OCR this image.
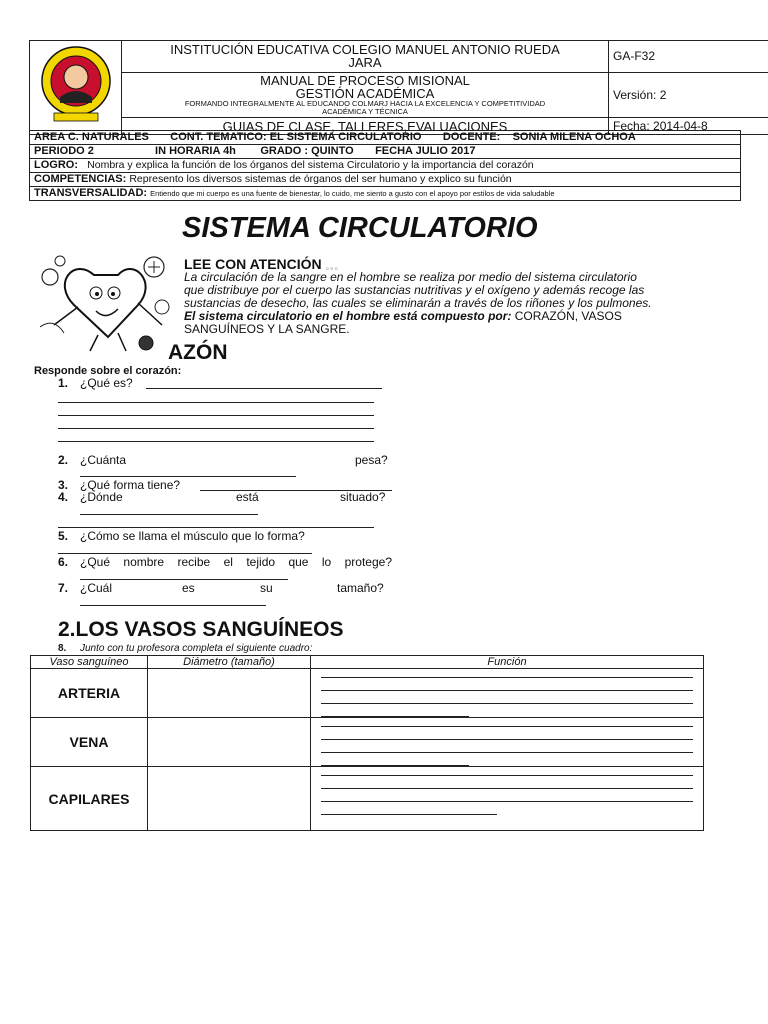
INSTITUCIÓN EDUCATIVA COLEGIO MANUEL ANTONIO RUEDA
JARA	GA-F32

	MANUAL DE PROCESO MISIONAL
GESTIÓN ACADÉMICA
FORMANDO INTEGRALMENTE AL EDUCANDO COLMARJ HACIA LA EXCELENCIA Y COMPETITIVIDAD
ACADÉMICA Y TÉCNICA	Versión: 2
	GUIAS DE CLASE, TALLERES,EVALUACIONES	Fecha: 2014-04-8
AREA C. NATURALES CONT. TEMATICO: EL SISTEMA CIRCULATORIO DOCENTE: SONIA MILENA OCHOA
PERIODO 2	IN HORARIA 4h GRADO : QUINTO FECHA JULIO 2017
LOGRO: Nombra y explica la función de los órganos del sistema Circulatorio y la importancia del corazón
COMPETENCIAS: Represento los diversos sistemas de órganos del ser humano y explico su función
TRANSVERSALIDAD: Entiendo que mi cuerpo es una fuente de bienestar, lo cuido, me siento a gusto con el apoyo por estilos de vida saludable
SISTEMA CIRCULATORIO
LEE CON ATENCIÓN 。。。
La circulación de la sangre en el hombre se realiza por medio del sistema circulatorio
que distribuye por el cuerpo las sustancias nutritivas y el oxígeno y además recoge las
sustancias de desecho, las cuales se eliminarán a través de los riñones y los pulmones.
El sistema circulatorio en el hombre está compuesto por: CORAZÓN, VASOS
SANGUÍNEOS Y LA SANGRE.
AZÓN
Responde sobre el corazón:
1. ¿Qué es?
2. ¿Cuánta	pesa?
3. ¿Qué forma tiene?
4. ¿Dónde	está	situado?
5. ¿Cómo se llama el músculo que lo forma?
6. ¿Qué nombre recibe el tejido que lo protege?
7. ¿Cuál	es	su	tamaño?
2.LOS VASOS SANGUÍNEOS
8. Junto con tu profesora completa el siguiente cuadro:
Vaso sanguíneo	Diámetro (tamaño)	Función
ARTERIA		

VENA		

CAPILARES		
